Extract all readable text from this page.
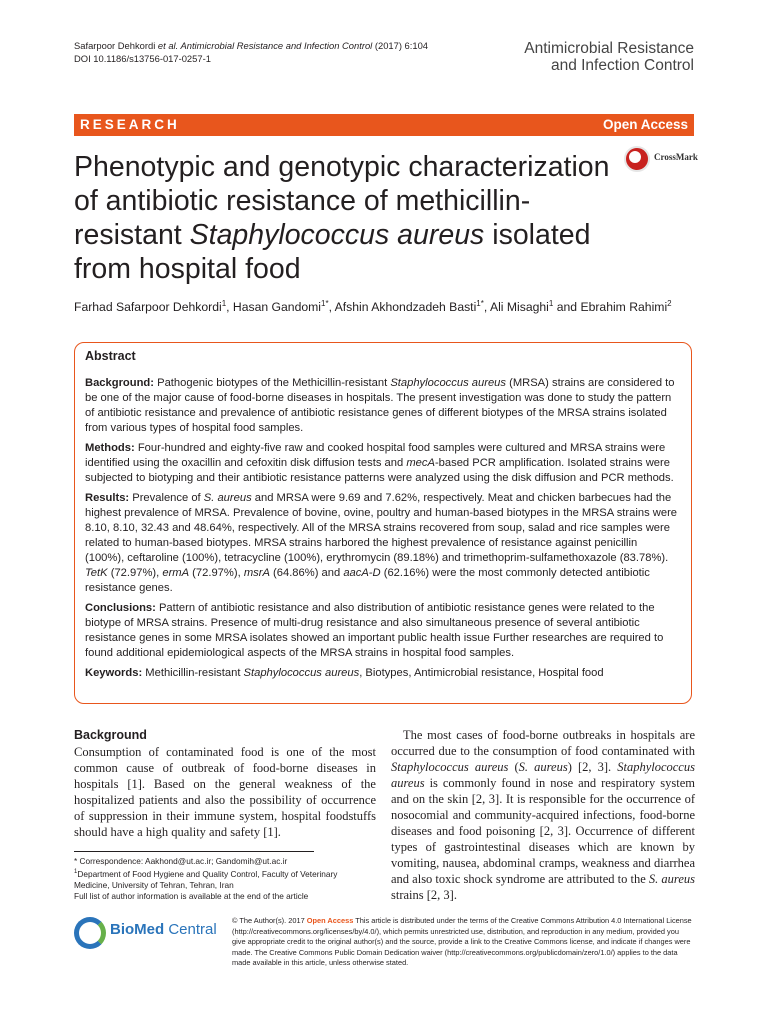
Safarpoor Dehkordi et al. Antimicrobial Resistance and Infection Control (2017) 6:104
DOI 10.1186/s13756-017-0257-1
Antimicrobial Resistance
and Infection Control
RESEARCH	Open Access
Phenotypic and genotypic characterization of antibiotic resistance of methicillin-resistant Staphylococcus aureus isolated from hospital food
CrossMark
Farhad Safarpoor Dehkordi$^1$, Hasan Gandomi$^{1*}$, Afshin Akhondzadeh Basti$^{1*}$, Ali Misaghi$^1$ and Ebrahim Rahimi$^2$
Abstract

Background: Pathogenic biotypes of the Methicillin-resistant Staphylococcus aureus (MRSA) strains are considered to be one of the major cause of food-borne diseases in hospitals. The present investigation was done to study the pattern of antibiotic resistance and prevalence of antibiotic resistance genes of different biotypes of the MRSA strains isolated from various types of hospital food samples.

Methods: Four-hundred and eighty-five raw and cooked hospital food samples were cultured and MRSA strains were identified using the oxacillin and cefoxitin disk diffusion tests and mecA-based PCR amplification. Isolated strains were subjected to biotyping and their antibiotic resistance patterns were analyzed using the disk diffusion and PCR methods.

Results: Prevalence of S. aureus and MRSA were 9.69 and 7.62%, respectively. Meat and chicken barbecues had the highest prevalence of MRSA. Prevalence of bovine, ovine, poultry and human-based biotypes in the MRSA strains were 8.10, 8.10, 32.43 and 48.64%, respectively. All of the MRSA strains recovered from soup, salad and rice samples were related to human-based biotypes. MRSA strains harbored the highest prevalence of resistance against penicillin (100%), ceftaroline (100%), tetracycline (100%), erythromycin (89.18%) and trimethoprim-sulfamethoxazole (83.78%). TetK (72.97%), ermA (72.97%), msrA (64.86%) and aacA-D (62.16%) were the most commonly detected antibiotic resistance genes.

Conclusions: Pattern of antibiotic resistance and also distribution of antibiotic resistance genes were related to the biotype of MRSA strains. Presence of multi-drug resistance and also simultaneous presence of several antibiotic resistance genes in some MRSA isolates showed an important public health issue Further researches are required to found additional epidemiological aspects of the MRSA strains in hospital food samples.

Keywords: Methicillin-resistant Staphylococcus aureus, Biotypes, Antimicrobial resistance, Hospital food

Background

Consumption of contaminated food is one of the most common cause of outbreak of food-borne diseases in hospitals [1]. Based on the general weakness of the hospitalized patients and also the possibility of occurrence of suppression in their immune system, hospital foodstuffs should have a high quality and safety [1].

The most cases of food-borne outbreaks in hospitals are occurred due to the consumption of food contaminated with Staphylococcus aureus (S. aureus) [2, 3]. Staphylococcus aureus is commonly found in nose and respiratory system and on the skin [2, 3]. It is responsible for the occurrence of nosocomial and community-acquired infections, food-borne diseases and food poisoning [2, 3]. Occurrence of different types of gastrointestinal diseases which are known by vomiting, nausea, abdominal cramps, weakness and diarrhea and also toxic shock syndrome are attributed to the S. aureus strains [2, 3].

* Correspondence: Aakhond@ut.ac.ir; Gandomih@ut.ac.ir

$^1$Department of Food Hygiene and Quality Control, Faculty of Veterinary Medicine, University of Tehran, Tehran, Iran

Full list of author information is available at the end of the article

BioMed Central
© The Author(s). 2017 Open Access This article is distributed under the terms of the Creative Commons Attribution 4.0 International License (http://creativecommons.org/licenses/by/4.0/), which permits unrestricted use, distribution, and reproduction in any medium, provided you give appropriate credit to the original author(s) and the source, provide a link to the Creative Commons license, and indicate if changes were made. The Creative Commons Public Domain Dedication waiver (http://creativecommons.org/publicdomain/zero/1.0/) applies to the data made available in this article, unless otherwise stated.
